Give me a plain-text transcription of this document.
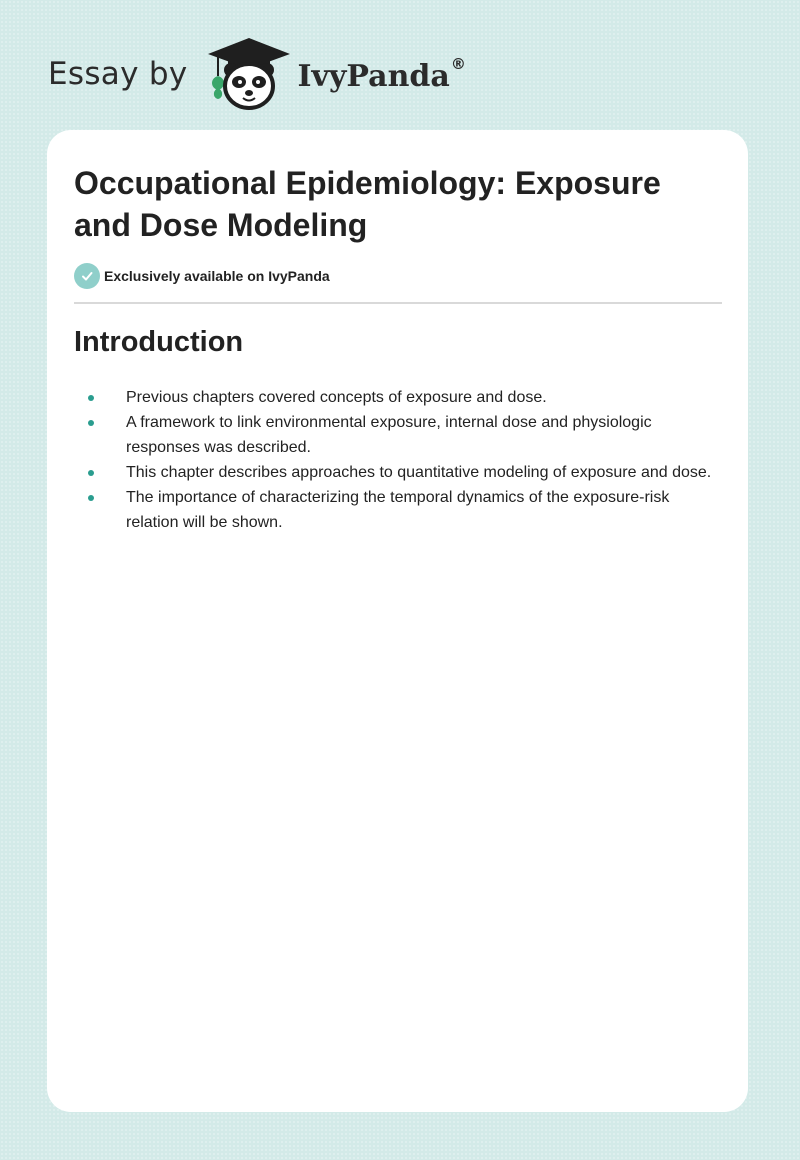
Essay by	IvyPanda®
Occupational Epidemiology: Exposure and Dose Modeling
Exclusively available on IvyPanda
Introduction
Previous chapters covered concepts of exposure and dose.
A framework to link environmental exposure, internal dose and physiologic responses was described.
This chapter describes approaches to quantitative modeling of exposure and dose.
The importance of characterizing the temporal dynamics of the exposure-risk relation will be shown.
